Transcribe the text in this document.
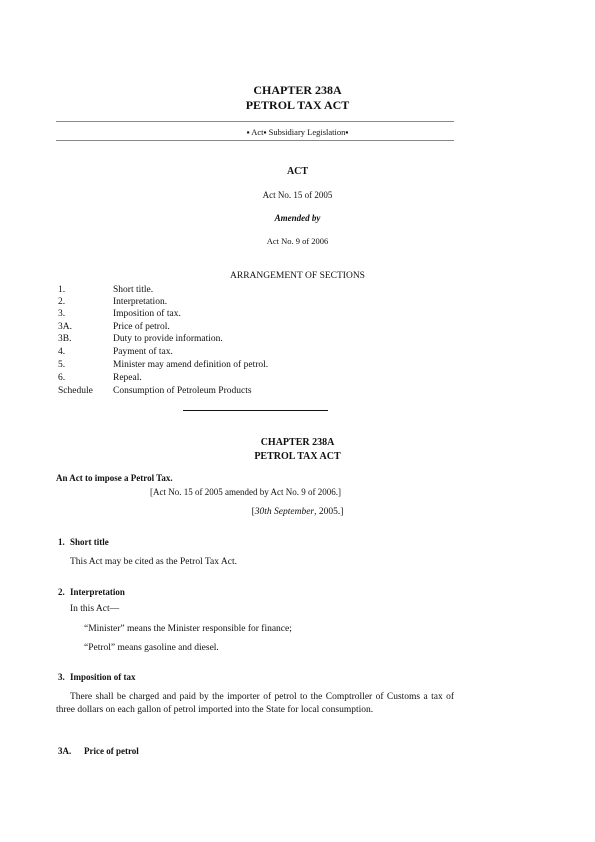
CHAPTER 238A
PETROL TAX ACT
▪ Act▪ Subsidiary Legislation▪
ACT
Act No. 15 of 2005
Amended by
Act No. 9 of 2006
ARRANGEMENT OF SECTIONS
1.	Short title.
2.	Interpretation.
3.	Imposition of tax.
3A.	Price of petrol.
3B.	Duty to provide information.
4.	Payment of tax.
5.	Minister may amend definition of petrol.
6.	Repeal.
Schedule Consumption of Petroleum Products
CHAPTER 238A
PETROL TAX ACT
An Act to impose a Petrol Tax.
[Act No. 15 of 2005 amended by Act No. 9 of 2006.]
[30th September, 2005.]
1. Short title
This Act may be cited as the Petrol Tax Act.
2. Interpretation
In this Act—
“Minister” means the Minister responsible for finance;
“Petrol” means gasoline and diesel.
3. Imposition of tax
There shall be charged and paid by the importer of petrol to the Comptroller of Customs a tax of three dollars on each gallon of petrol imported into the State for local consumption.
3A. Price of petrol
